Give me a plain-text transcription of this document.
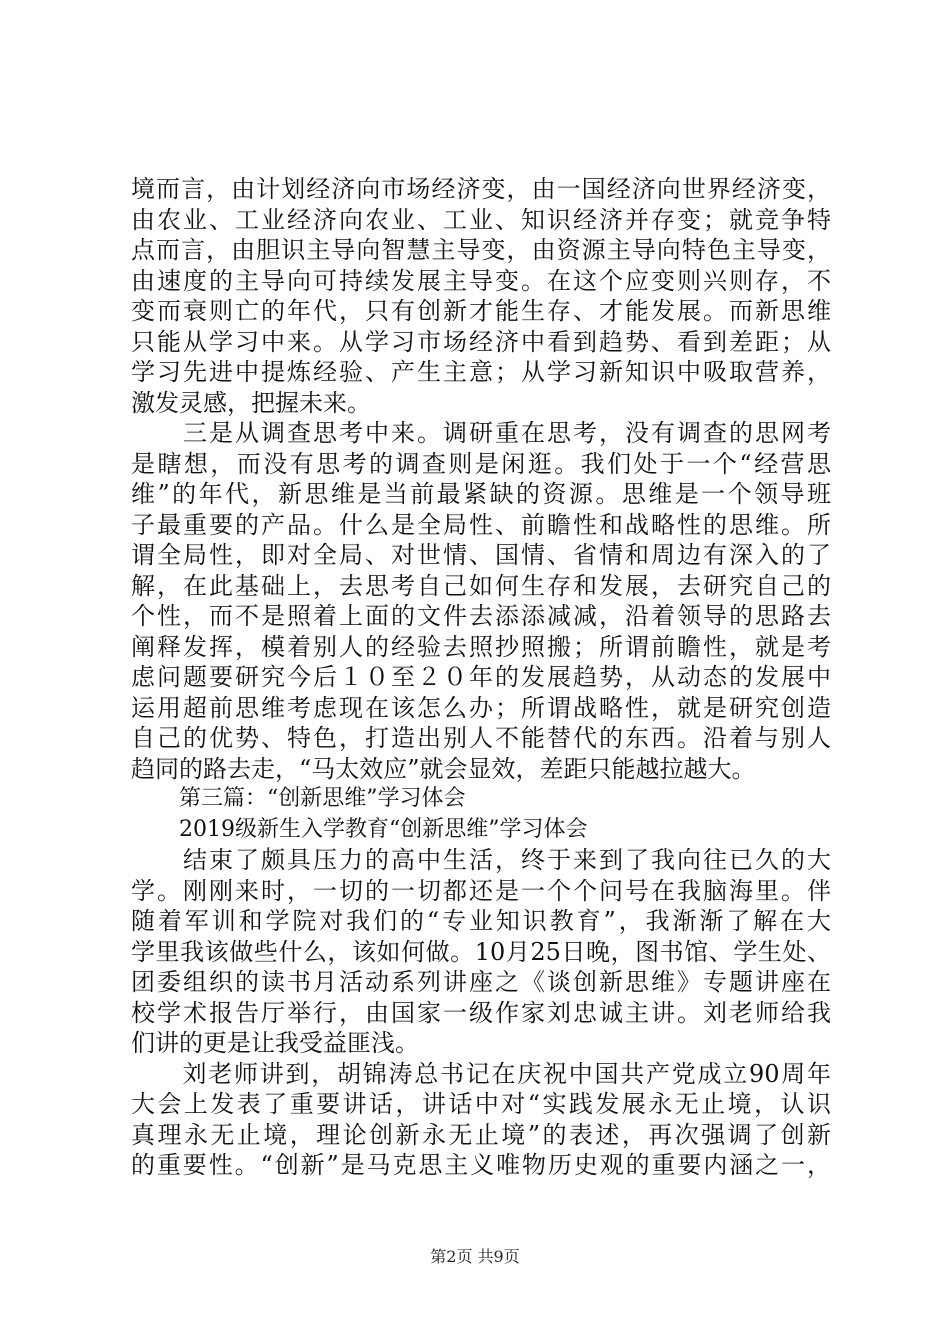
境而言，由计划经济向市场经济变，由一国经济向世界经济变，
由农业、工业经济向农业、工业、知识经济并存变；就竞争特
点而言，由胆识主导向智慧主导变，由资源主导向特色主导变，
由速度的主导向可持续发展主导变。在这个应变则兴则存，不
变而衰则亡的年代，只有创新才能生存、才能发展。而新思维
只能从学习中来。从学习市场经济中看到趋势、看到差距；从
学习先进中提炼经验、产生主意；从学习新知识中吸取营养，
激发灵感，把握未来。
　　三是从调查思考中来。调研重在思考，没有调查的思网考
是瞎想，而没有思考的调查则是闲逛。我们处于一个“经营思
维”的年代，新思维是当前最紧缺的资源。思维是一个领导班
子最重要的产品。什么是全局性、前瞻性和战略性的思维。所
谓全局性，即对全局、对世情、国情、省情和周边有深入的了
解，在此基础上，去思考自己如何生存和发展，去研究自己的
个性，而不是照着上面的文件去添添减减，沿着领导的思路去
阐释发挥，模着别人的经验去照抄照搬；所谓前瞻性，就是考
虑问题要研究今后１０至２０年的发展趋势，从动态的发展中
运用超前思维考虑现在该怎么办；所谓战略性，就是研究创造
自己的优势、特色，打造出别人不能替代的东西。沿着与别人
趋同的路去走，“马太效应”就会显效，差距只能越拉越大。
第三篇：“创新思维”学习体会
2019级新生入学教育“创新思维”学习体会
　　结束了颇具压力的高中生活，终于来到了我向往已久的大
学。刚刚来时，一切的一切都还是一个个问号在我脑海里。伴
随着军训和学院对我们的“专业知识教育”，我渐渐了解在大
学里我该做些什么，该如何做。10月25日晚，图书馆、学生处、
团委组织的读书月活动系列讲座之《谈创新思维》专题讲座在
校学术报告厅举行，由国家一级作家刘忠诚主讲。刘老师给我
们讲的更是让我受益匪浅。
　　刘老师讲到，胡锦涛总书记在庆祝中国共产党成立90周年
大会上发表了重要讲话，讲话中对“实践发展永无止境，认识
真理永无止境，理论创新永无止境”的表述，再次强调了创新
的重要性。“创新”是马克思主义唯物历史观的重要内涵之一，
第2页 共9页
